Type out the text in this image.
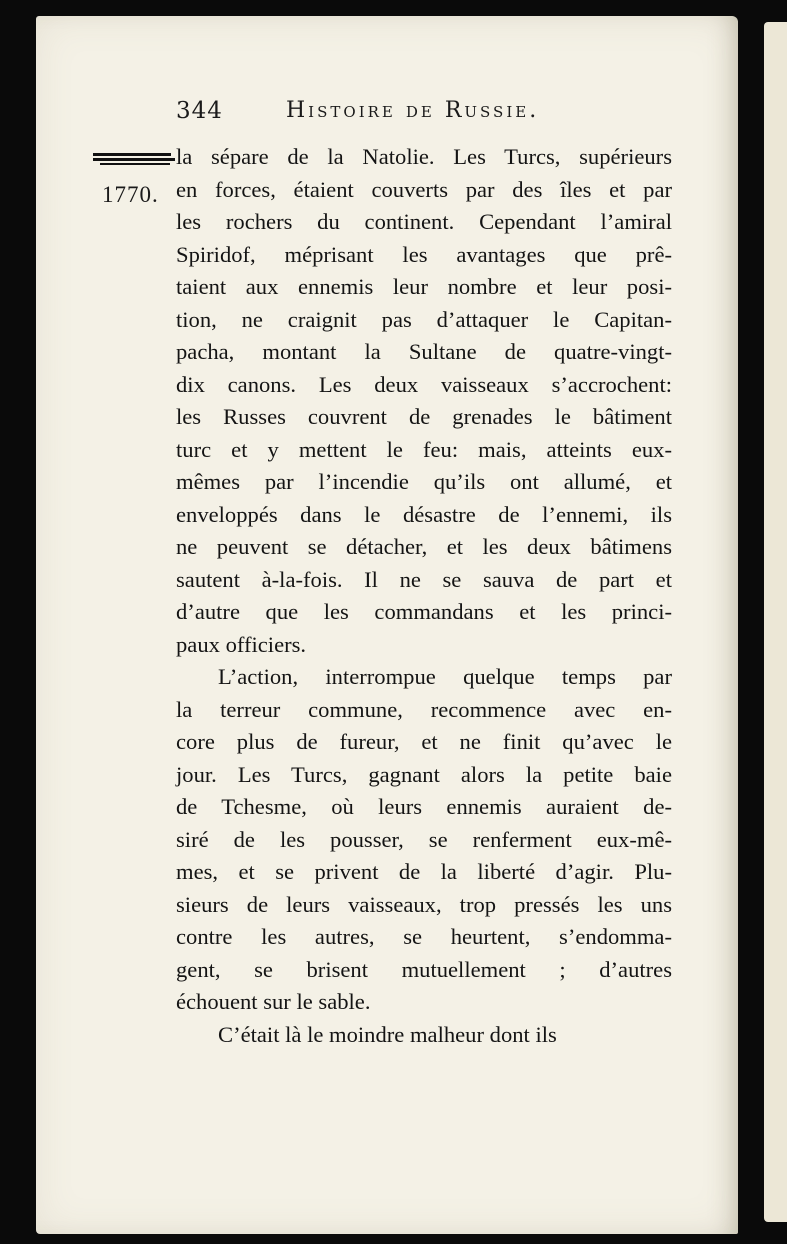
344	Histoire de Russie.
1770.
la sépare de la Natolie. Les Turcs, supérieurs
en forces, étaient couverts par des îles et par
les rochers du continent. Cependant l’amiral
Spiridof, méprisant les avantages que prê-
taient aux ennemis leur nombre et leur posi-
tion, ne craignit pas d’attaquer le Capitan-
pacha, montant la Sultane de quatre-vingt-
dix canons. Les deux vaisseaux s’accrochent:
les Russes couvrent de grenades le bâtiment
turc et y mettent le feu: mais, atteints eux-
mêmes par l’incendie qu’ils ont allumé, et
enveloppés dans le désastre de l’ennemi, ils
ne peuvent se détacher, et les deux bâtimens
sautent à-la-fois. Il ne se sauva de part et
d’autre que les commandans et les princi-
paux officiers.
L’action, interrompue quelque temps par
la terreur commune, recommence avec en-
core plus de fureur, et ne finit qu’avec le
jour. Les Turcs, gagnant alors la petite baie
de Tchesme, où leurs ennemis auraient de-
siré de les pousser, se renferment eux-mê-
mes, et se privent de la liberté d’agir. Plu-
sieurs de leurs vaisseaux, trop pressés les uns
contre les autres, se heurtent, s’endomma-
gent, se brisent mutuellement ; d’autres
échouent sur le sable.
C’était là le moindre malheur dont ils
